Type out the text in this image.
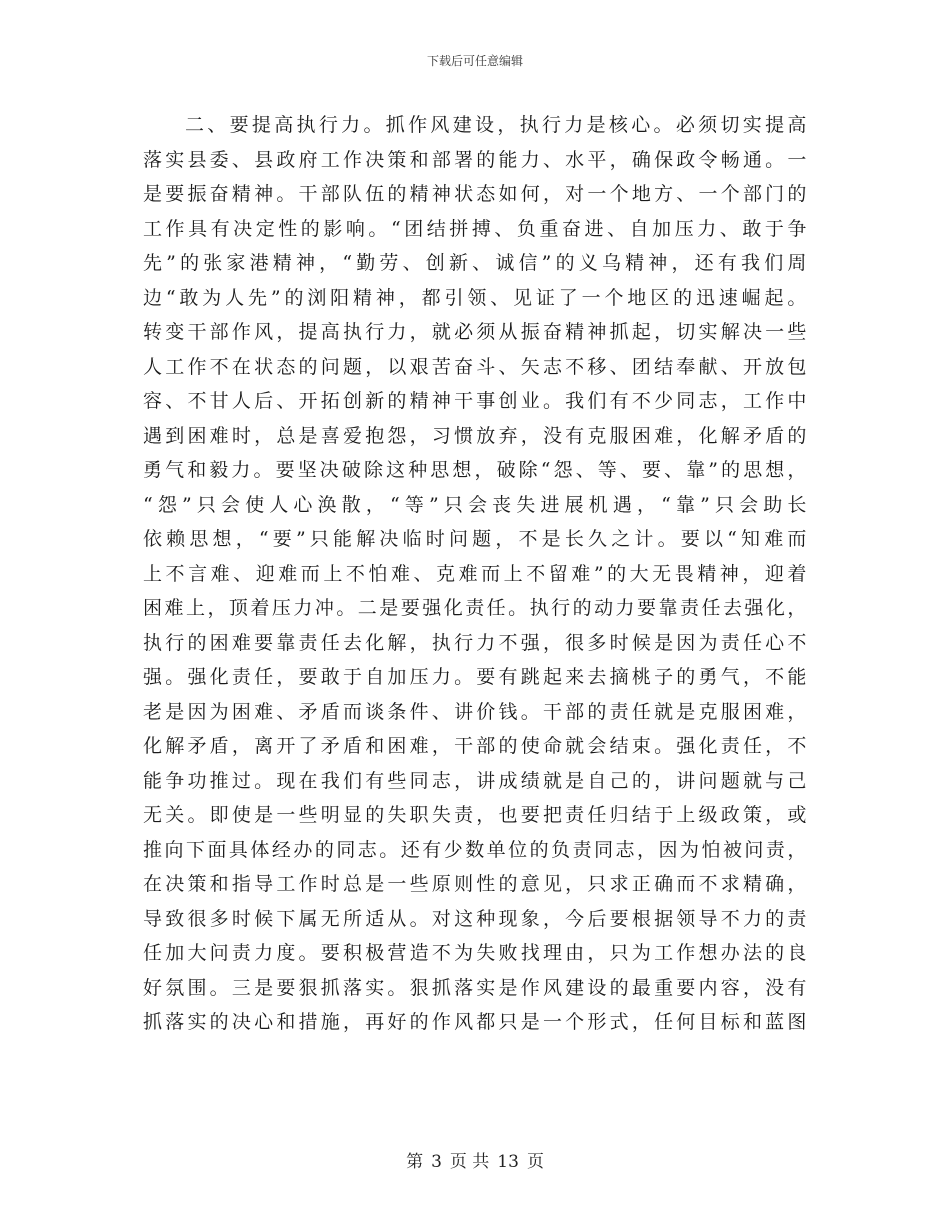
下载后可任意编辑
二、要提高执行力。抓作风建设，执行力是核心。必须切实提高
落实县委、县政府工作决策和部署的能力、水平，确保政令畅通。一
是要振奋精神。干部队伍的精神状态如何，对一个地方、一个部门的
工作具有决定性的影响。“团结拼搏、负重奋进、自加压力、敢于争
先”的张家港精神，“勤劳、创新、诚信”的义乌精神，还有我们周
边“敢为人先”的浏阳精神，都引领、见证了一个地区的迅速崛起。
转变干部作风，提高执行力，就必须从振奋精神抓起，切实解决一些
人工作不在状态的问题，以艰苦奋斗、矢志不移、团结奉献、开放包
容、不甘人后、开拓创新的精神干事创业。我们有不少同志，工作中
遇到困难时，总是喜爱抱怨，习惯放弃，没有克服困难，化解矛盾的
勇气和毅力。要坚决破除这种思想，破除“怨、等、要、靠”的思想，
“怨”只会使人心涣散，“等”只会丧失进展机遇，“靠”只会助长
依赖思想，“要”只能解决临时问题，不是长久之计。要以“知难而
上不言难、迎难而上不怕难、克难而上不留难”的大无畏精神，迎着
困难上，顶着压力冲。二是要强化责任。执行的动力要靠责任去强化，
执行的困难要靠责任去化解，执行力不强，很多时候是因为责任心不
强。强化责任，要敢于自加压力。要有跳起来去摘桃子的勇气，不能
老是因为困难、矛盾而谈条件、讲价钱。干部的责任就是克服困难，
化解矛盾，离开了矛盾和困难，干部的使命就会结束。强化责任，不
能争功推过。现在我们有些同志，讲成绩就是自己的，讲问题就与己
无关。即使是一些明显的失职失责，也要把责任归结于上级政策，或
推向下面具体经办的同志。还有少数单位的负责同志，因为怕被问责，
在决策和指导工作时总是一些原则性的意见，只求正确而不求精确，
导致很多时候下属无所适从。对这种现象，今后要根据领导不力的责
任加大问责力度。要积极营造不为失败找理由，只为工作想办法的良
好氛围。三是要狠抓落实。狠抓落实是作风建设的最重要内容，没有
抓落实的决心和措施，再好的作风都只是一个形式，任何目标和蓝图
第 3 页 共 13 页
